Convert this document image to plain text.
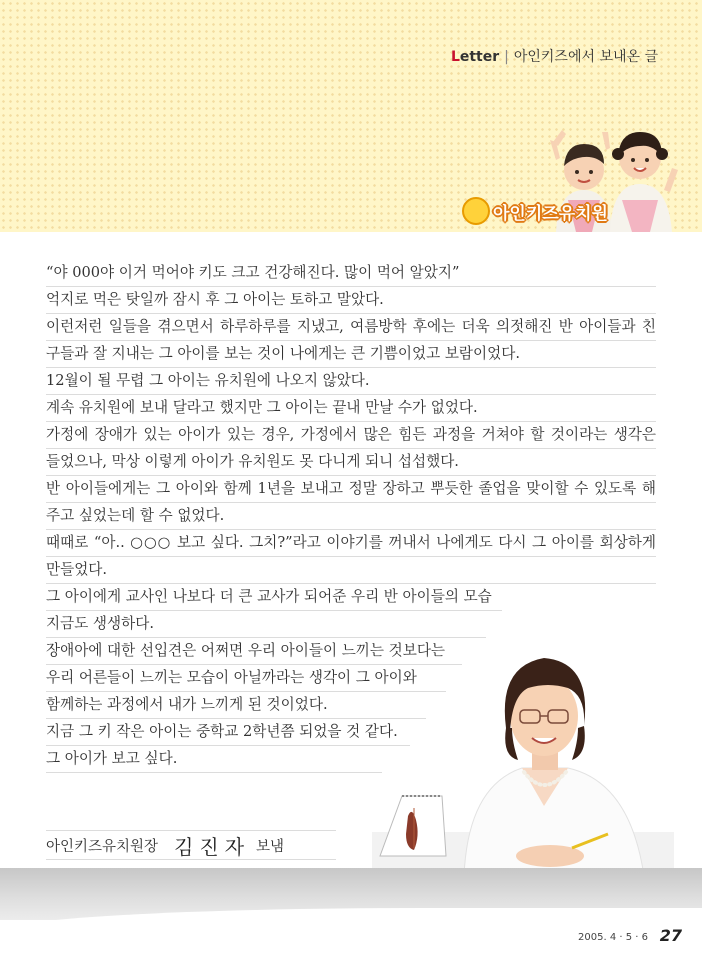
Letter | 아인키즈에서 보내온 글
아인키즈유치원
“야 000야 이거 먹어야 키도 크고 건강해진다. 많이 먹어 알았지”
억지로 먹은 탓일까 잠시 후 그 아이는 토하고 말았다.
이런저런 일들을 겪으면서 하루하루를 지냈고, 여름방학 후에는 더욱 의젓해진 반 아이들과 친
구들과 잘 지내는 그 아이를 보는 것이 나에게는 큰 기쁨이었고 보람이었다.
12월이 될 무렵 그 아이는 유치원에 나오지 않았다.
계속 유치원에 보내 달라고 했지만 그 아이는 끝내 만날 수가 없었다.
가정에 장애가 있는 아이가 있는 경우, 가정에서 많은 힘든 과정을 거쳐야 할 것이라는 생각은
들었으나, 막상 이렇게 아이가 유치원도 못 다니게 되니 섭섭했다.
반 아이들에게는 그 아이와 함께 1년을 보내고 정말 장하고 뿌듯한 졸업을 맞이할 수 있도록 해
주고 싶었는데 할 수 없었다.
때때로 “아.. ○○○ 보고 싶다. 그치?”라고 이야기를 꺼내서 나에게도 다시 그 아이를 회상하게
만들었다.
그 아이에게 교사인 나보다 더 큰 교사가 되어준 우리 반 아이들의 모습
지금도 생생하다.
장애아에 대한 선입견은 어쩌면 우리 아이들이 느끼는 것보다는
우리 어른들이 느끼는 모습이 아닐까라는 생각이 그 아이와
함께하는 과정에서 내가 느끼게 된 것이었다.
지금 그 키 작은 아이는 중학교 2학년쯤 되었을 것 같다.
그 아이가 보고 싶다.
아인키즈유치원장 김진자 보냄
2005. 4 · 5 · 6 27
